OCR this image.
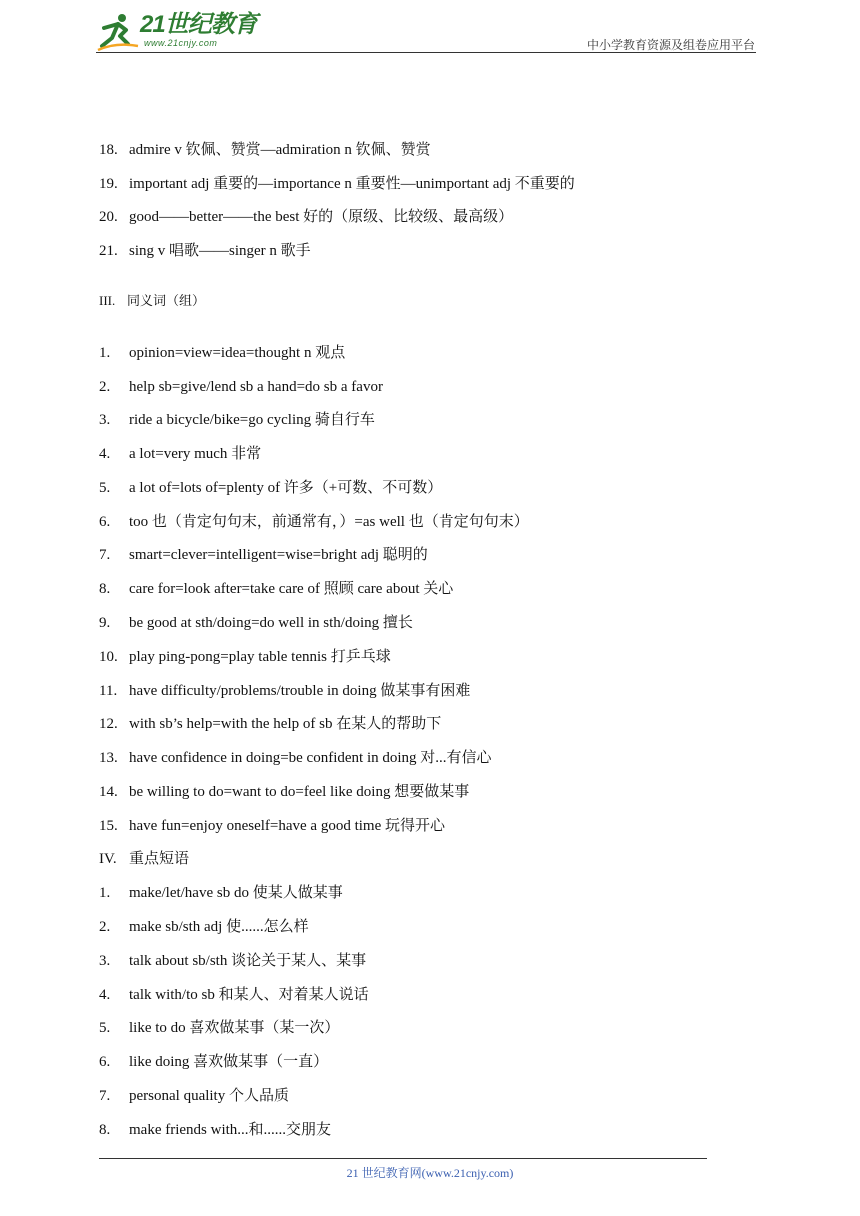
21世纪教育
www.21cnjy.com	中小学教育资源及组卷应用平台
18. admire v 钦佩、赞赏—admiration n 钦佩、赞赏
19. important adj 重要的—importance n 重要性—unimportant adj 不重要的
20. good——better——the best 好的（原级、比较级、最高级）
21. sing v 唱歌——singer n 歌手
III. 同义词（组）
1. opinion=view=idea=thought n 观点
2. help sb=give/lend sb a hand=do sb a favor
3. ride a bicycle/bike=go cycling 骑自行车
4. a lot=very much 非常
5. a lot of=lots of=plenty of 许多（+可数、不可数）
6. too 也（肯定句句末，前通常有，）=as well 也（肯定句句末）
7. smart=clever=intelligent=wise=bright adj 聪明的
8. care for=look after=take care of 照顾 care about 关心
9. be good at sth/doing=do well in sth/doing 擅长
10. play ping-pong=play table tennis 打乒乓球
11. have difficulty/problems/trouble in doing 做某事有困难
12. with sb’s help=with the help of sb 在某人的帮助下
13. have confidence in doing=be confident in doing 对...有信心
14. be willing to do=want to do=feel like doing 想要做某事
15. have fun=enjoy oneself=have a good time 玩得开心
IV. 重点短语
1. make/let/have sb do 使某人做某事
2. make sb/sth adj 使......怎么样
3. talk about sb/sth 谈论关于某人、某事
4. talk with/to sb 和某人、对着某人说话
5. like to do 喜欢做某事（某一次）
6. like doing 喜欢做某事（一直）
7. personal quality 个人品质
8. make friends with...和......交朋友
21 世纪教育网(www.21cnjy.com)
